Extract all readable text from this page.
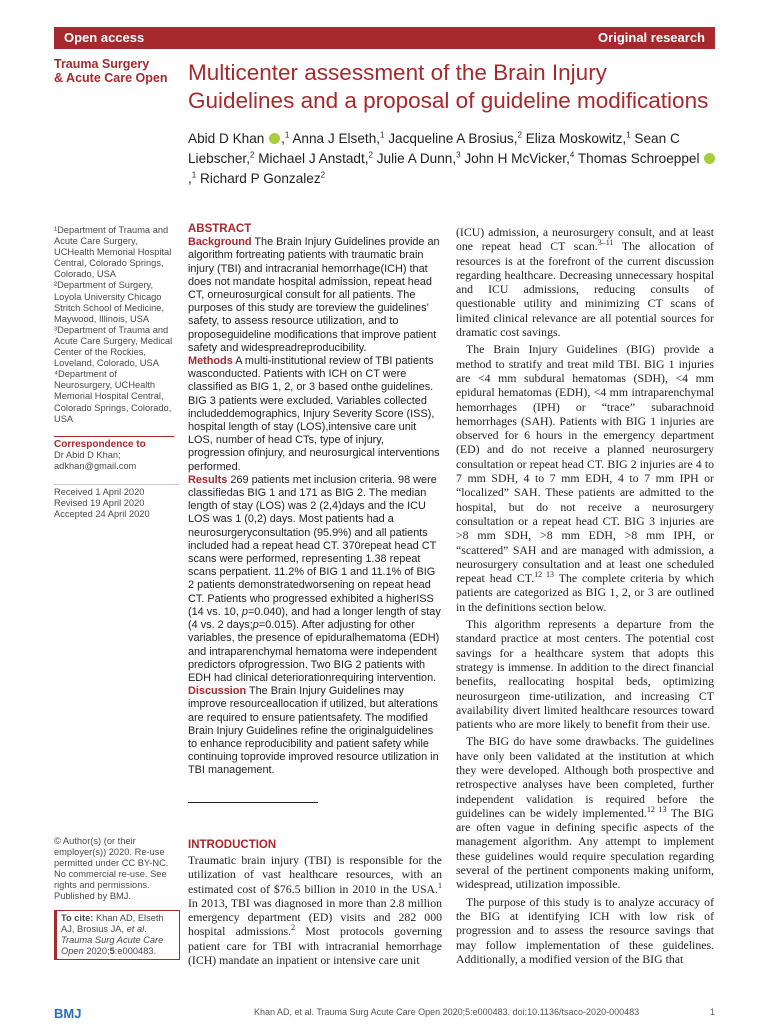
Open access	Original research
Trauma Surgery
& Acute Care Open Multicenter assessment of the Brain Injury Guidelines and a proposal of guideline modifications
Abid D Khan ,$^1$ Anna J Elseth,$^1$ Jacqueline A Brosius,$^2$ Eliza Moskowitz,$^1$ Sean C Liebscher,$^2$ Michael J Anstadt,$^2$ Julie A Dunn,$^3$ John H McVicker,$^4$ Thomas Schroeppel ,$^1$ Richard P Gonzalez$^2$

¹Department of Trauma and Acute Care Surgery, UCHealth Memorial Hospital Central, Colorado Springs, Colorado, USA

²Department of Surgery, Loyola University Chicago Stritch School of Medicine, Maywood, Illinois, USA

³Department of Trauma and Acute Care Surgery, Medical Center of the Rockies, Loveland, Colorado, USA

⁴Department of Neurosurgery, UCHealth Memorial Hospital Central, Colorado Springs, Colorado, USA

Correspondence to
Dr Abid D Khan; adkhan@gmail.com
Received 1 April 2020
Revised 19 April 2020
Accepted 24 April 2020
© Author(s) (or their employer(s)) 2020. Re-use permitted under CC BY-NC. No commercial re-use. See rights and permissions. Published by BMJ.
To cite: Khan AD, Elseth AJ, Brosius JA, et al. Trauma Surg Acute Care Open 2020;5:e000483.
ABSTRACT

Background The Brain Injury Guidelines provide an algorithm fortreating patients with traumatic brain injury (TBI) and intracranial hemorrhage(ICH) that does not mandate hospital admission, repeat head CT, orneurosurgical consult for all patients. The purposes of this study are toreview the guidelines’ safety, to assess resource utilization, and to proposeguideline modifications that improve patient safety and widespreadreproducibility.

Methods A multi-institutional review of TBI patients wasconducted. Patients with ICH on CT were classified as BIG 1, 2, or 3 based onthe guidelines. BIG 3 patients were excluded. Variables collected includeddemographics, Injury Severity Score (ISS), hospital length of stay (LOS),intensive care unit LOS, number of head CTs, type of injury, progression ofinjury, and neurosurgical interventions performed.

Results 269 patients met inclusion criteria. 98 were classifiedas BIG 1 and 171 as BIG 2. The median length of stay (LOS) was 2 (2,4)days and the ICU LOS was 1 (0,2) days. Most patients had a neurosurgeryconsultation (95.9%) and all patients included had a repeat head CT. 370repeat head CT scans were performed, representing 1.38 repeat scans perpatient. 11.2% of BIG 1 and 11.1% of BIG 2 patients demonstratedworsening on repeat head CT. Patients who progressed exhibited a higherISS (14 vs. 10, p=0.040), and had a longer length of stay (4 vs. 2 days;p=0.015). After adjusting for other variables, the presence of epiduralhematoma (EDH) and intraparenchymal hematoma were independent predictors ofprogression. Two BIG 2 patients with EDH had clinical deteriorationrequiring intervention.

Discussion The Brain Injury Guidelines may improve resourceallocation if utilized, but alterations are required to ensure patientsafety. The modified Brain Injury Guidelines refine the originalguidelines to enhance reproducibility and patient safety while continuing toprovide improved resource utilization in TBI management.

INTRODUCTION

Traumatic brain injury (TBI) is responsible for the utilization of vast healthcare resources, with an estimated cost of $76.5 billion in 2010 in the USA.$^1$ In 2013, TBI was diagnosed in more than 2.8 million emergency department (ED) visits and 282 000 hospital admissions.$^2$ Most protocols governing patient care for TBI with intracranial hemorrhage (ICH) mandate an inpatient or intensive care unit

(ICU) admission, a neurosurgery consult, and at least one repeat head CT scan.$^{3-11}$ The allocation of resources is at the forefront of the current discussion regarding healthcare. Decreasing unnecessary hospital and ICU admissions, reducing consults of questionable utility and minimizing CT scans of limited clinical relevance are all potential sources for dramatic cost savings.

The Brain Injury Guidelines (BIG) provide a method to stratify and treat mild TBI. BIG 1 injuries are <4 mm subdural hematomas (SDH), <4 mm epidural hematomas (EDH), <4 mm intraparenchymal hemorrhages (IPH) or “trace” subarachnoid hemorrhages (SAH). Patients with BIG 1 injuries are observed for 6 hours in the emergency department (ED) and do not receive a planned neurosurgery consultation or repeat head CT. BIG 2 injuries are 4 to 7 mm SDH, 4 to 7 mm EDH, 4 to 7 mm IPH or “localized” SAH. These patients are admitted to the hospital, but do not receive a neurosurgery consultation or a repeat head CT. BIG 3 injuries are >8 mm SDH, >8 mm EDH, >8 mm IPH, or “scattered” SAH and are managed with admission, a neurosurgery consultation and at least one scheduled repeat head CT.$^{12 13}$ The complete criteria by which patients are categorized as BIG 1, 2, or 3 are outlined in the definitions section below.

This algorithm represents a departure from the standard practice at most centers. The potential cost savings for a healthcare system that adopts this strategy is immense. In addition to the direct financial benefits, reallocating hospital beds, optimizing neurosurgeon time-utilization, and increasing CT availability divert limited healthcare resources toward patients who are more likely to benefit from their use.

The BIG do have some drawbacks. The guidelines have only been validated at the institution at which they were developed. Although both prospective and retrospective analyses have been completed, further independent validation is required before the guidelines can be widely implemented.$^{12 13}$ The BIG are often vague in defining specific aspects of the management algorithm. Any attempt to implement these guidelines would require speculation regarding several of the pertinent components making uniform, widespread, utilization impossible.

The purpose of this study is to analyze accuracy of the BIG at identifying ICH with low risk of progression and to assess the resource savings that may follow implementation of these guidelines. Additionally, a modified version of the BIG that

BMJ	Khan AD, et al. Trauma Surg Acute Care Open 2020;5:e000483. doi:10.1136/tsaco-2020-000483	1
